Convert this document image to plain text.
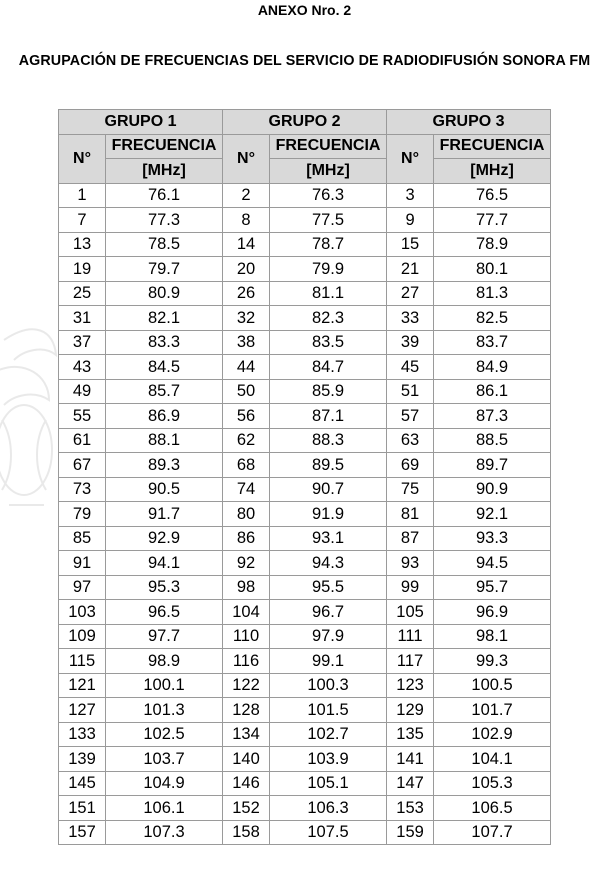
ANEXO Nro. 2
AGRUPACIÓN DE FRECUENCIAS DEL SERVICIO DE RADIODIFUSIÓN SONORA FM
GRUPO 1		GRUPO 2		GRUPO 3	
N°	FRECUENCIA	N°	FRECUENCIA	N°	FRECUENCIA
	[MHz]		[MHz]		[MHz]
1	76.1	2	76.3	3	76.5
7	77.3	8	77.5	9	77.7
13	78.5	14	78.7	15	78.9
19	79.7	20	79.9	21	80.1
25	80.9	26	81.1	27	81.3
31	82.1	32	82.3	33	82.5
37	83.3	38	83.5	39	83.7
43	84.5	44	84.7	45	84.9
49	85.7	50	85.9	51	86.1
55	86.9	56	87.1	57	87.3
61	88.1	62	88.3	63	88.5
67	89.3	68	89.5	69	89.7
73	90.5	74	90.7	75	90.9
79	91.7	80	91.9	81	92.1
85	92.9	86	93.1	87	93.3
91	94.1	92	94.3	93	94.5
97	95.3	98	95.5	99	95.7
103	96.5	104	96.7	105	96.9
109	97.7	110	97.9	111	98.1
115	98.9	116	99.1	117	99.3
121	100.1	122	100.3	123	100.5
127	101.3	128	101.5	129	101.7
133	102.5	134	102.7	135	102.9
139	103.7	140	103.9	141	104.1
145	104.9	146	105.1	147	105.3
151	106.1	152	106.3	153	106.5
157	107.3	158	107.5	159	107.7
